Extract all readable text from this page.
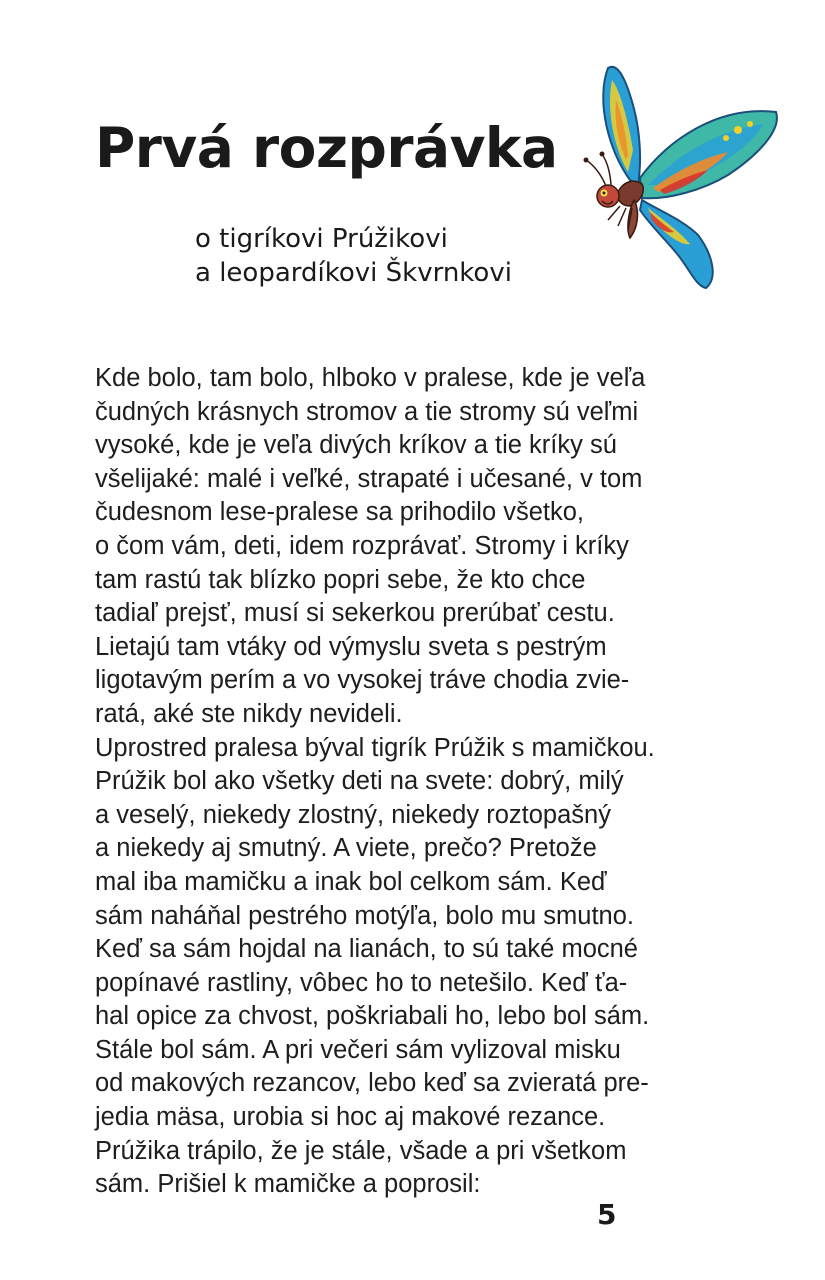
Prvá rozprávka
o tigríkovi Prúžikovi
a leopardíkovi Škvrnkovi
Kde bolo, tam bolo, hlboko v pralese, kde je veľa
čudných krásnych stromov a tie stromy sú veľmi
vysoké, kde je veľa divých kríkov a tie kríky sú
všelijaké: malé i veľké, strapaté i učesané, v tom
čudesnom lese-pralese sa prihodilo všetko,
o čom vám, deti, idem rozprávať. Stromy i kríky
tam rastú tak blízko popri sebe, že kto chce
tadiaľ prejsť, musí si sekerkou prerúbať cestu.
Lietajú tam vtáky od výmyslu sveta s pestrým
ligotavým perím a vo vysokej tráve chodia zvie-
ratá, aké ste nikdy nevideli.
Uprostred pralesa býval tigrík Prúžik s mamičkou.
Prúžik bol ako všetky deti na svete: dobrý, milý
a veselý, niekedy zlostný, niekedy roztopašný
a niekedy aj smutný. A viete, prečo? Pretože
mal iba mamičku a inak bol celkom sám. Keď
sám naháňal pestrého motýľa, bolo mu smutno.
Keď sa sám hojdal na lianách, to sú také mocné
popínavé rastliny, vôbec ho to netešilo. Keď ťa-
hal opice za chvost, poškriabali ho, lebo bol sám.
Stále bol sám. A pri večeri sám vylizoval misku
od makových rezancov, lebo keď sa zvieratá pre-
jedia mäsa, urobia si hoc aj makové rezance.
Prúžika trápilo, že je stále, všade a pri všetkom
sám. Prišiel k mamičke a poprosil:
5
